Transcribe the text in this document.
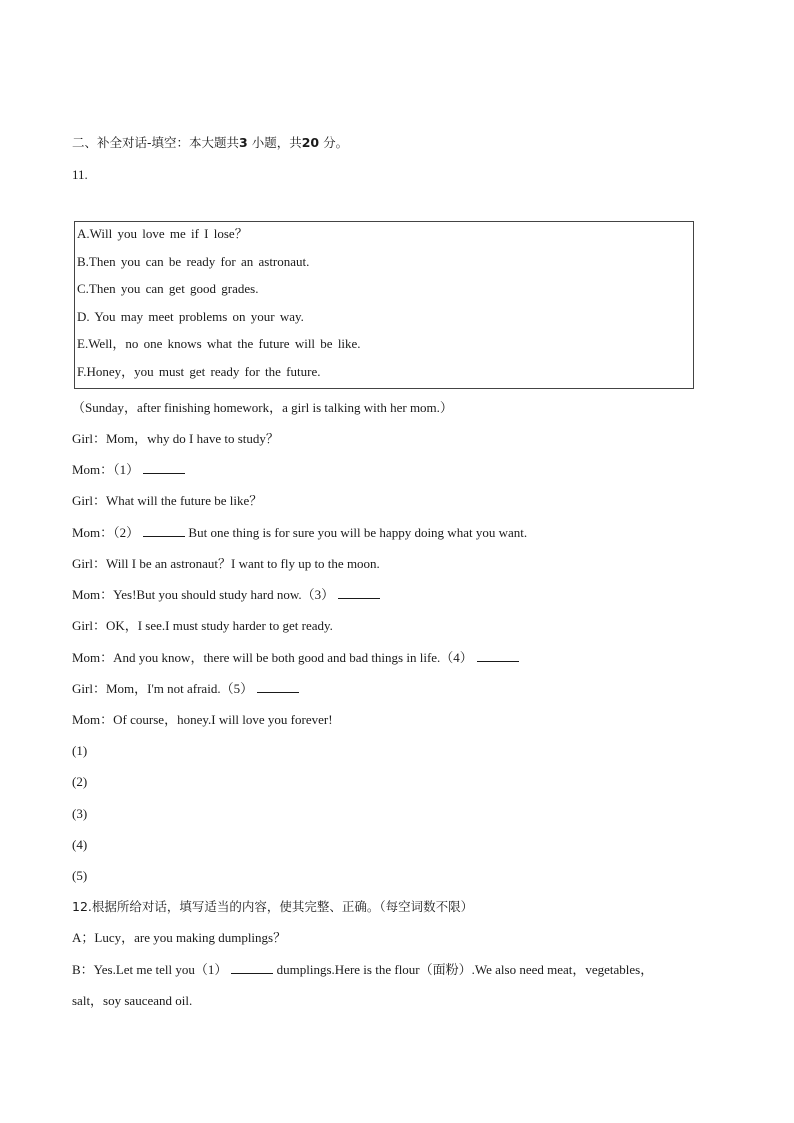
二、补全对话-填空：本大题共3 小题，共20 分。
11.
A.Will you love me if I lose？
B.Then you can be ready for an astronaut.
C.Then you can get good grades.
D. You may meet problems on your way.
E.Well，no one knows what the future will be like.
F.Honey，you must get ready for the future.
（Sunday，after finishing homework，a girl is talking with her mom.）
Girl：Mom，why do I have to study？
Mom：（1）
Girl：What will the future be like？
Mom：（2）	But one thing is for sure you will be happy doing what you want.
Girl：Will I be an astronaut？I want to fly up to the moon.
Mom：Yes!But you should study hard now.（3）
Girl：OK，I see.I must study harder to get ready.
Mom：And you know，there will be both good and bad things in life.（4）
Girl：Mom，I'm not afraid.（5）
Mom：Of course，honey.I will love you forever!
(1)
(2)
(3)
(4)
(5)
12.根据所给对话，填写适当的内容，使其完整、正确。（每空词数不限）
A；Lucy，are you making dumplings？
B：Yes.Let me tell you（1）	dumplings.Here is the flour（面粉）.We also need meat，vegetables，
salt，soy sauceand oil.
